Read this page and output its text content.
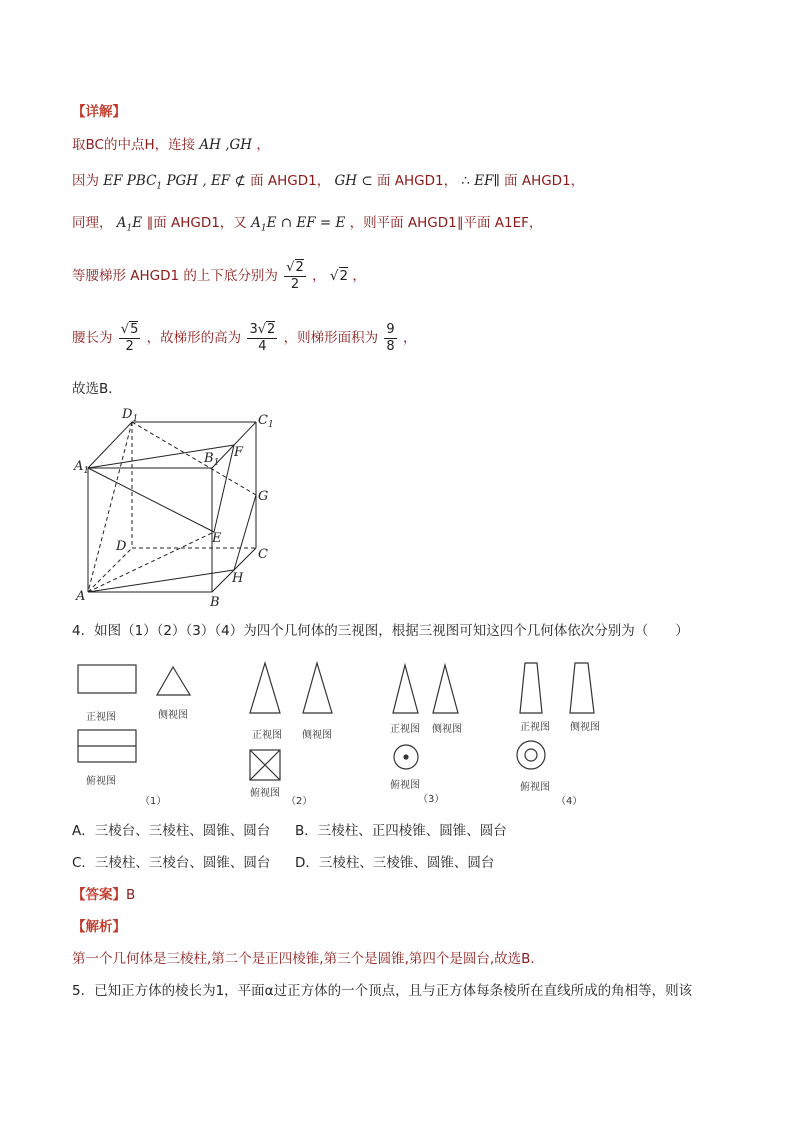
【详解】
取BC的中点H，连接 AH ,GH ，
因为 EF $PBC_1$ PGH , EF ⊄ 面 AHGD1， GH ⊂ 面 AHGD1， ∴ EF∥ 面 AHGD1，
同理， $A_1E$ ∥面 AHGD1，又 $A_1E$ ∩ EF = E ，则平面 AHGD1∥平面 A1EF，
等腰梯形 AHGD1 的上下底分别为 $\frac{√2}{2}$ ， √2 ，
腰长为 $\frac{√5}{2}$ ，故梯形的高为 $\frac{3√2}{4}$ ，则梯形面积为 $\frac{9}{8}$ ，
故选B．
$D_1$	$C_1$
$A_1$
$B_1$
F
G
E
D
C
H
A	B
4．如图（1）（2）（3）（4）为四个几何体的三视图，根据三视图可知这四个几何体依次分别为（　　）
正视图	侧视图
俯视图
（1）
正视图 侧视图
俯视图
（2）
正视图 侧视图
俯视图
（3）
正视图 侧视图
俯视图
（4）
A．三棱台、三棱柱、圆锥、圆台 B．三棱柱、正四棱锥、圆锥、圆台
C．三棱柱、三棱台、圆锥、圆台 D．三棱柱、三棱锥、圆锥、圆台
【答案】B
【解析】
第一个几何体是三棱柱,第二个是正四棱锥,第三个是圆锥,第四个是圆台,故选B.
5．已知正方体的棱长为1，平面α过正方体的一个顶点，且与正方体每条棱所在直线所成的角相等，则该
